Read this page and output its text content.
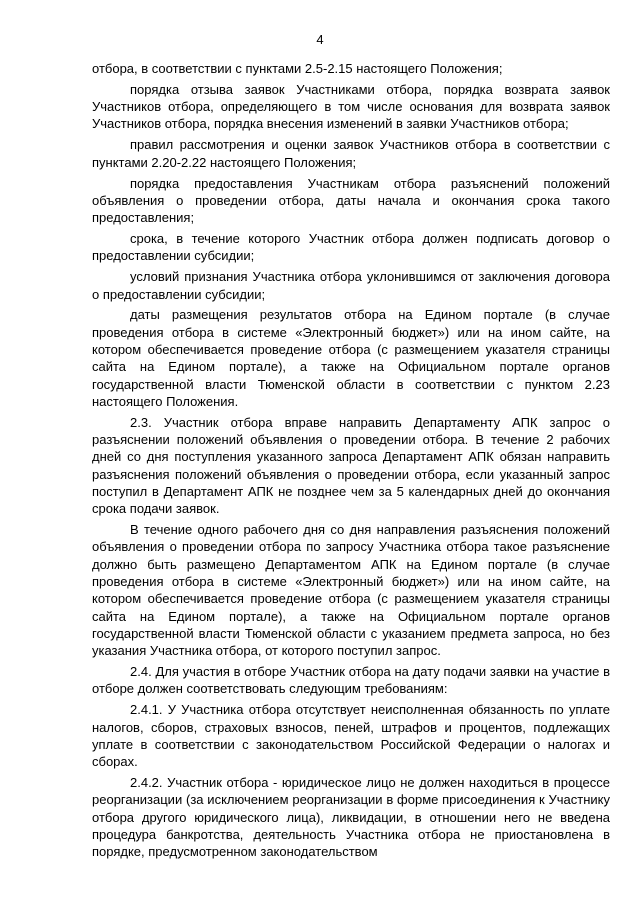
4

отбора, в соответствии с пунктами 2.5-2.15 настоящего Положения;

порядка отзыва заявок Участниками отбора, порядка возврата заявок Участников отбора, определяющего в том числе основания для возврата заявок Участников отбора, порядка внесения изменений в заявки Участников отбора;

правил рассмотрения и оценки заявок Участников отбора в соответствии с пунктами 2.20-2.22 настоящего Положения;

порядка предоставления Участникам отбора разъяснений положений объявления о проведении отбора, даты начала и окончания срока такого предоставления;

срока, в течение которого Участник отбора должен подписать договор о предоставлении субсидии;

условий признания Участника отбора уклонившимся от заключения договора о предоставлении субсидии;

даты размещения результатов отбора на Едином портале (в случае проведения отбора в системе «Электронный бюджет») или на ином сайте, на котором обеспечивается проведение отбора (с размещением указателя страницы сайта на Едином портале), а также на Официальном портале органов государственной власти Тюменской области в соответствии с пунктом 2.23 настоящего Положения.

2.3. Участник отбора вправе направить Департаменту АПК запрос о разъяснении положений объявления о проведении отбора. В течение 2 рабочих дней со дня поступления указанного запроса Департамент АПК обязан направить разъяснения положений объявления о проведении отбора, если указанный запрос поступил в Департамент АПК не позднее чем за 5 календарных дней до окончания срока подачи заявок.

В течение одного рабочего дня со дня направления разъяснения положений объявления о проведении отбора по запросу Участника отбора такое разъяснение должно быть размещено Департаментом АПК на Едином портале (в случае проведения отбора в системе «Электронный бюджет») или на ином сайте, на котором обеспечивается проведение отбора (с размещением указателя страницы сайта на Едином портале), а также на Официальном портале органов государственной власти Тюменской области с указанием предмета запроса, но без указания Участника отбора, от которого поступил запрос.

2.4. Для участия в отборе Участник отбора на дату подачи заявки на участие в отборе должен соответствовать следующим требованиям:

2.4.1. У Участника отбора отсутствует неисполненная обязанность по уплате налогов, сборов, страховых взносов, пеней, штрафов и процентов, подлежащих уплате в соответствии с законодательством Российской Федерации о налогах и сборах.

2.4.2. Участник отбора - юридическое лицо не должен находиться в процессе реорганизации (за исключением реорганизации в форме присоединения к Участнику отбора другого юридического лица), ликвидации, в отношении него не введена процедура банкротства, деятельность Участника отбора не приостановлена в порядке, предусмотренном законодательством
